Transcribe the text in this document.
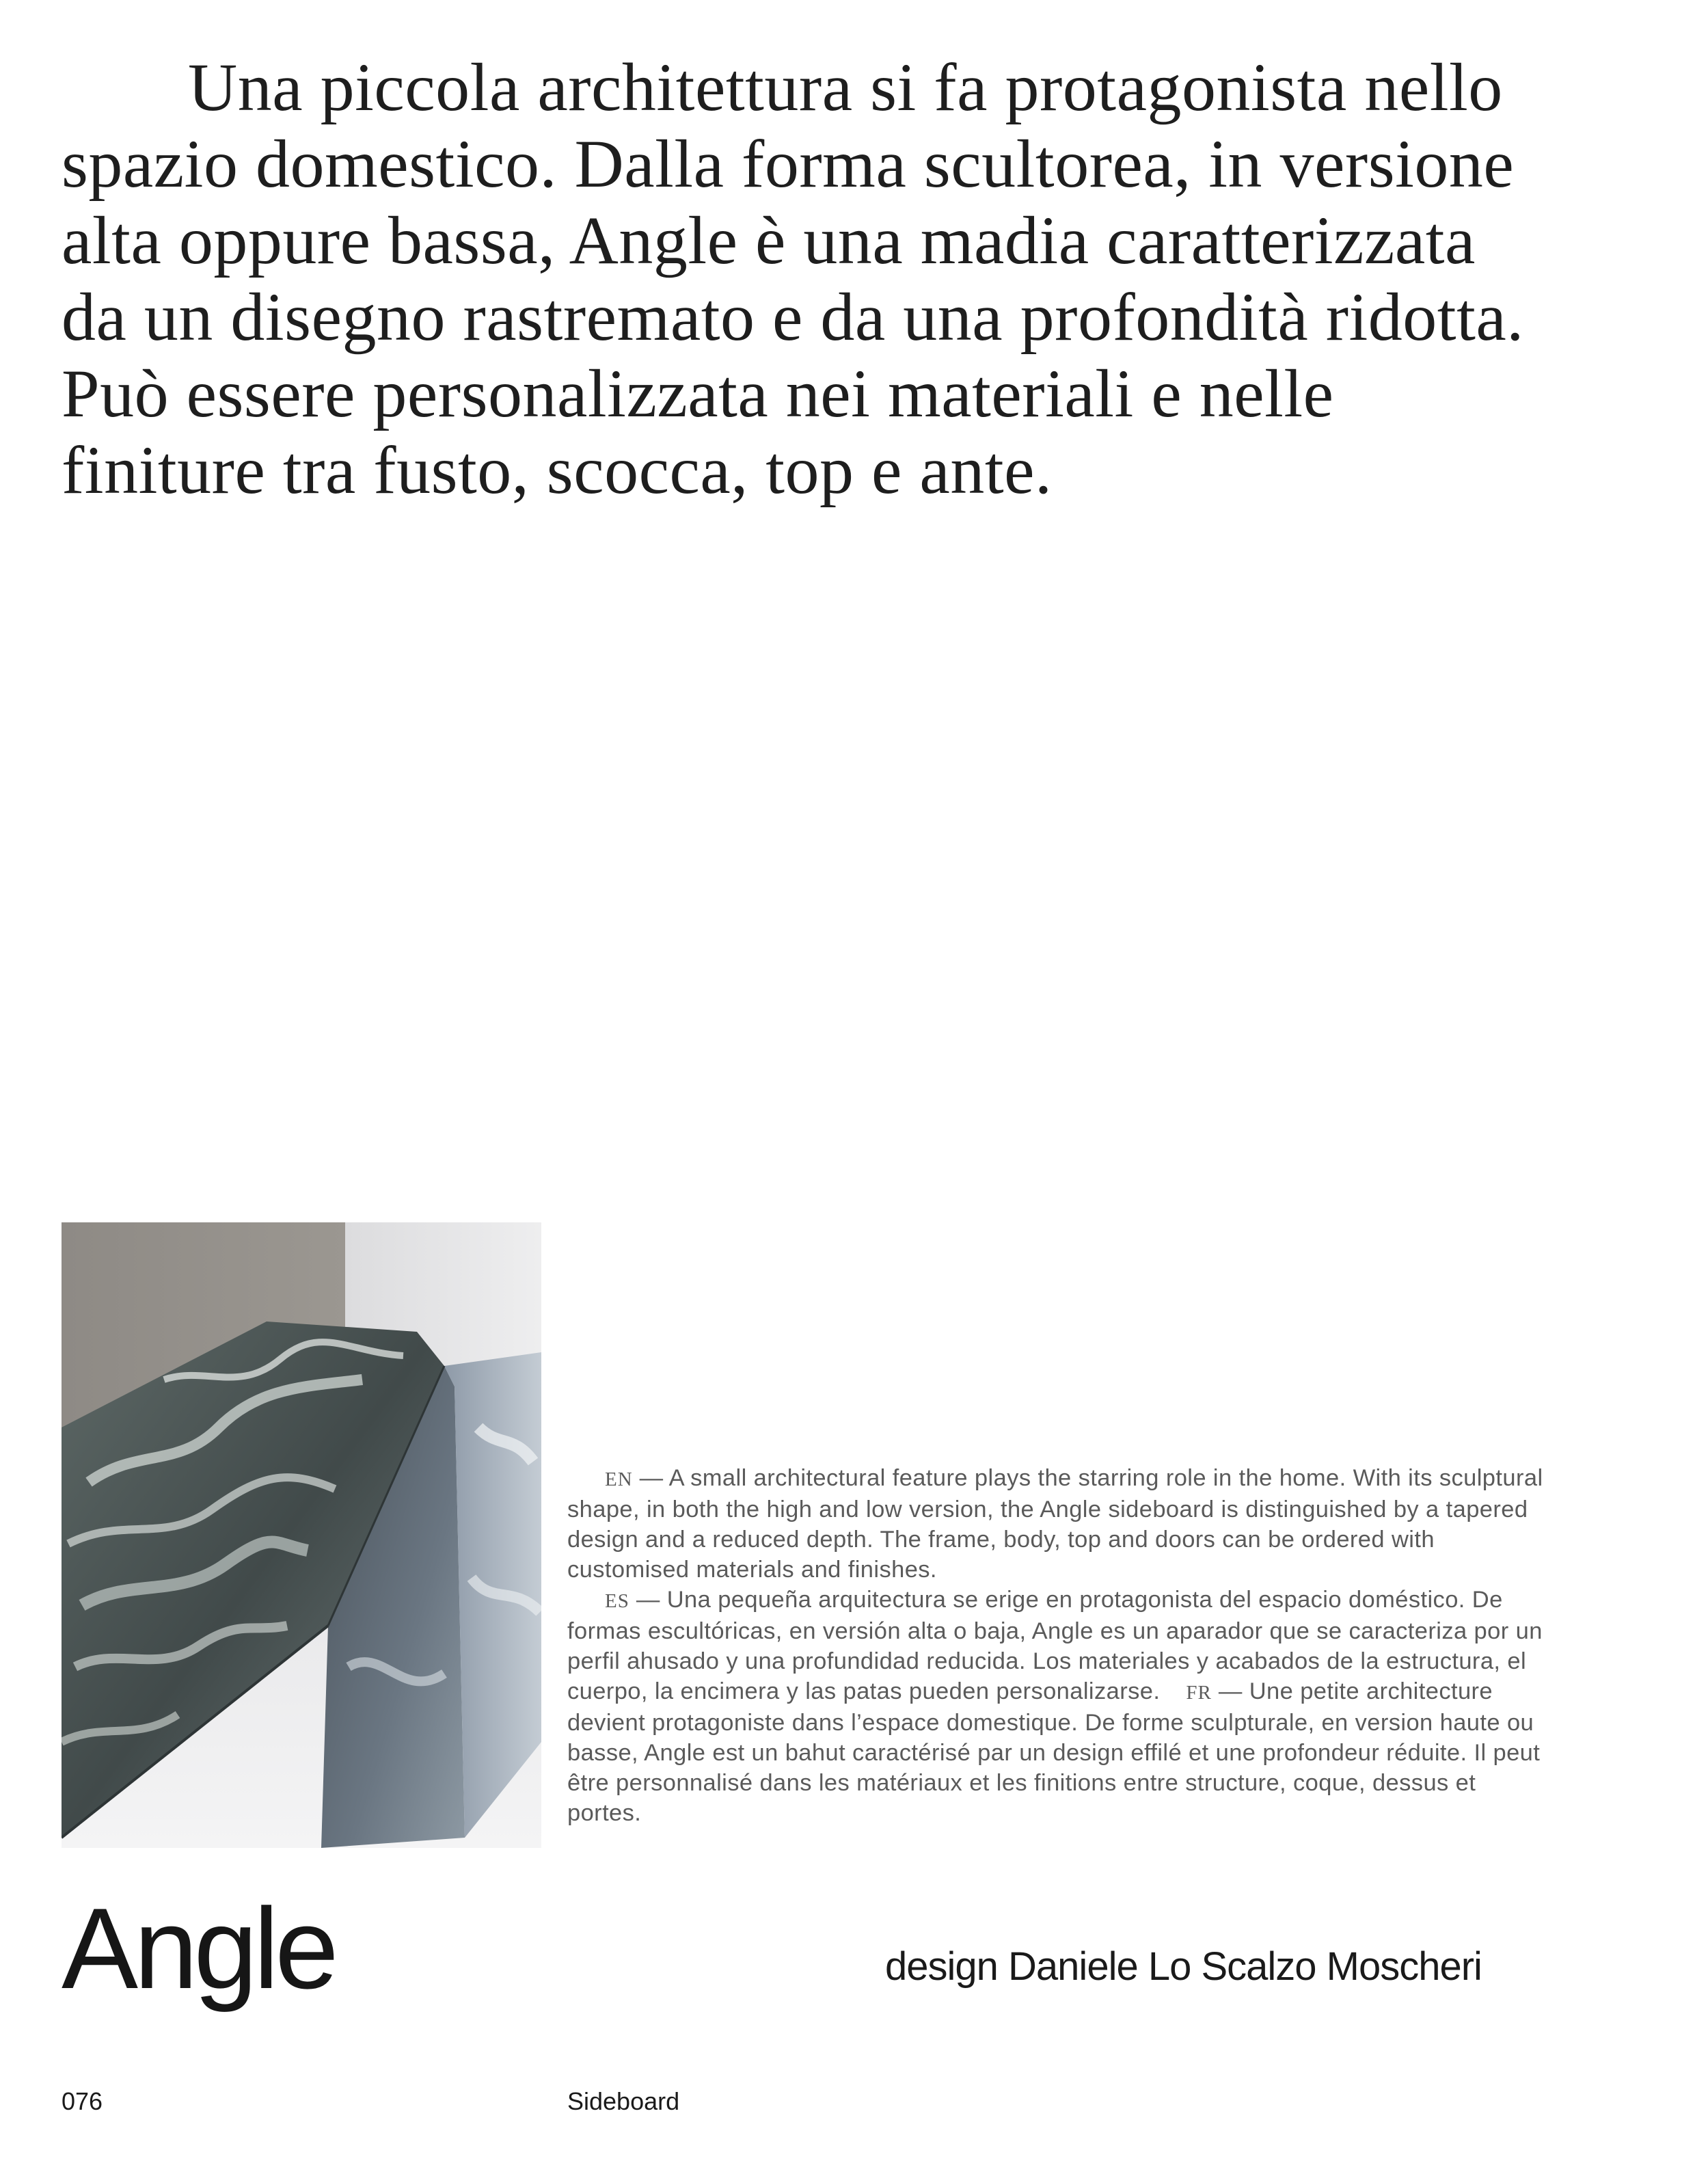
Una piccola architettura si fa protagonista nello spazio domestico. Dalla forma scultorea, in versione alta oppure bassa, Angle è una madia caratterizzata da un disegno rastremato e da una profondità ridotta. Può essere personalizzata nei materiali e nelle finiture tra fusto, scocca, top e ante.

EN — A small architectural feature plays the starring role in the home. With its sculptural shape, in both the high and low version, the Angle sideboard is distinguished by a tapered design and a reduced depth. The frame, body, top and doors can be ordered with customised materials and finishes.
ES — Una pequeña arquitectura se erige en protagonista del espacio doméstico. De formas escultóricas, en versión alta o baja, Angle es un aparador que se caracteriza por un perfil ahusado y una profundidad reducida. Los materiales y acabados de la estructura, el cuerpo, la encimera y las patas pueden personalizarse. FR — Une petite architecture devient protagoniste dans l’espace domestique. De forme sculpturale, en version haute ou basse, Angle est un bahut caractérisé par un design effilé et une profondeur réduite. Il peut être personnalisé dans les matériaux et les finitions entre structure, coque, dessus et portes.

Angle	design Daniele Lo Scalzo Moscheri

076	Sideboard
